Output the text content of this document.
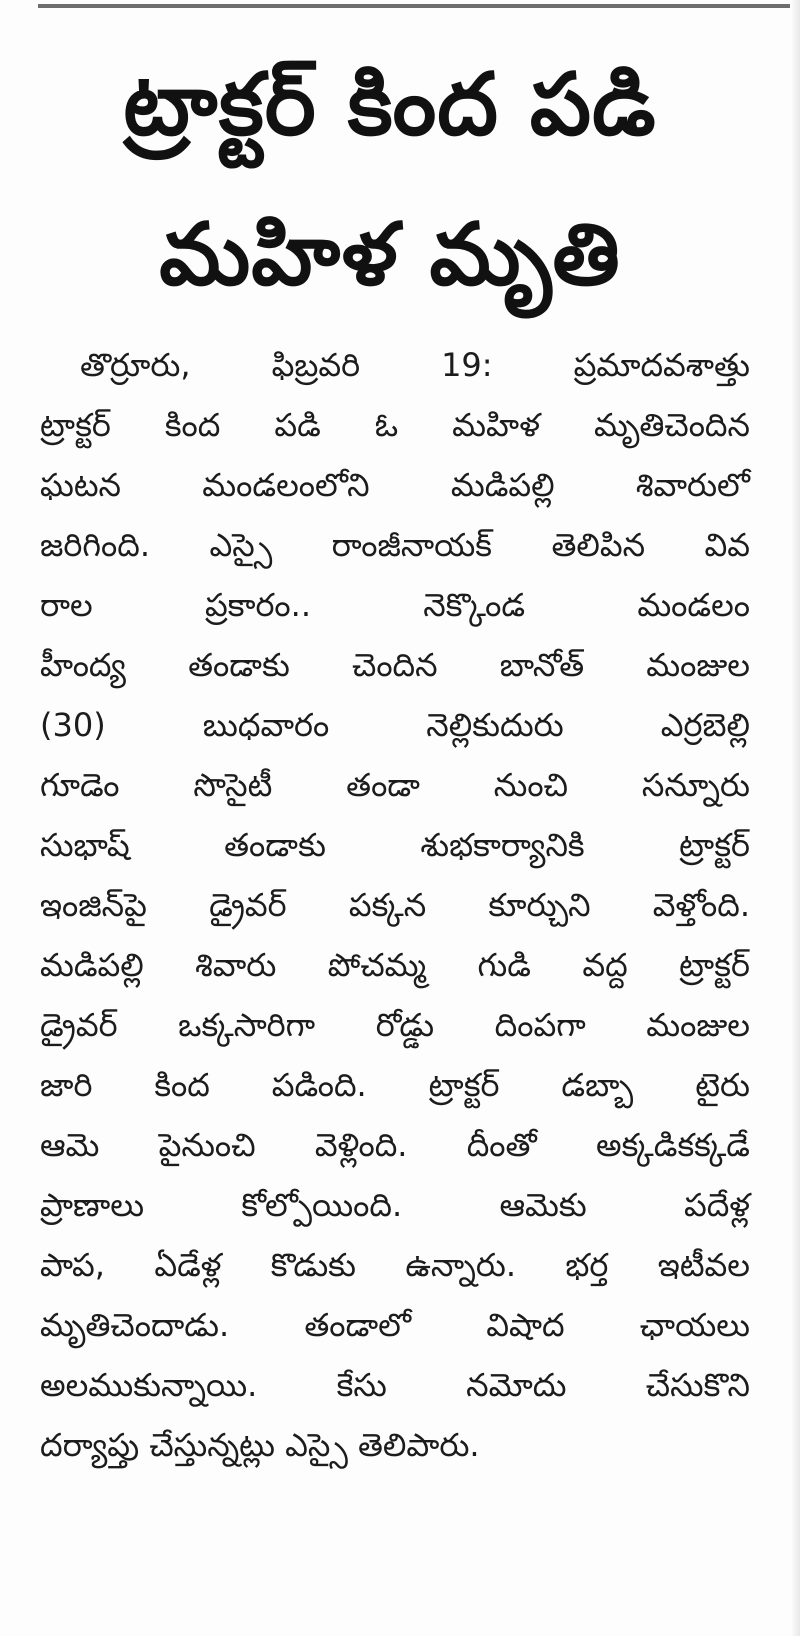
ట్రాక్టర్ కింద పడి
మహిళ మృతి
తొర్రూరు, ఫిబ్రవరి 19: ప్రమాదవశాత్తు
ట్రాక్టర్ కింద పడి ఓ మహిళ మృతిచెందిన
ఘటన మండలంలోని మడిపల్లి శివారులో
జరిగింది. ఎస్సై రాంజీనాయక్ తెలిపిన వివ
రాల ప్రకారం.. నెక్కొండ మండలం
హీంద్య తండాకు చెందిన బానోత్ మంజుల
(30) బుధవారం నెల్లికుదురు ఎర్రబెల్లి
గూడెం సొసైటీ తండా నుంచి సన్నూరు
సుభాష్ తండాకు శుభకార్యానికి ట్రాక్టర్
ఇంజిన్‌పై డ్రైవర్ పక్కన కూర్చుని వెళ్తోంది.
మడిపల్లి శివారు పోచమ్మ గుడి వద్ద ట్రాక్టర్
డ్రైవర్ ఒక్కసారిగా రోడ్డు దింపగా మంజుల
జారి కింద పడింది. ట్రాక్టర్ డబ్బా టైరు
ఆమె పైనుంచి వెళ్లింది. దీంతో అక్కడికక్కడే
ప్రాణాలు కోల్పోయింది. ఆమెకు పదేళ్ల
పాప, ఏడేళ్ల కొడుకు ఉన్నారు. భర్త ఇటీవల
మృతిచెందాడు. తండాలో విషాద ఛాయలు
అలముకున్నాయి. కేసు నమోదు చేసుకొని
దర్యాప్తు చేస్తున్నట్లు ఎస్సై తెలిపారు.
